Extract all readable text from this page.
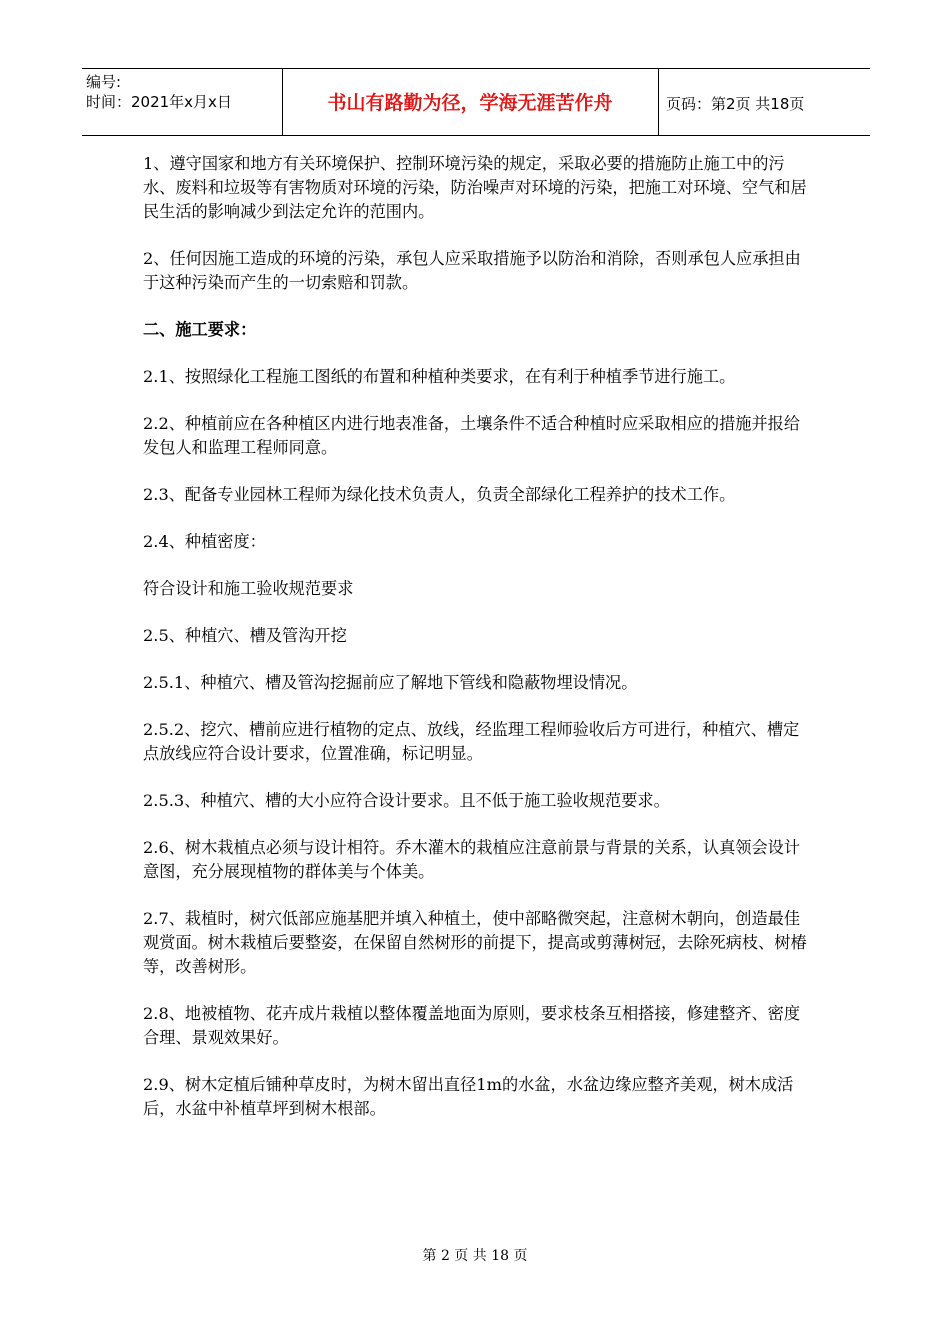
编号:
时间：2021年x月x日	书山有路勤为径，学海无涯苦作舟	页码：第2页 共18页

1、遵守国家和地方有关环境保护、控制环境污染的规定，采取必要的措施防止施工中的污水、废料和垃圾等有害物质对环境的污染，防治噪声对环境的污染，把施工对环境、空气和居民生活的影响减少到法定允许的范围内。

2、任何因施工造成的环境的污染，承包人应采取措施予以防治和消除，否则承包人应承担由于这种污染而产生的一切索赔和罚款。

二、施工要求：

2.1、按照绿化工程施工图纸的布置和种植种类要求，在有利于种植季节进行施工。

2.2、种植前应在各种植区内进行地表准备，土壤条件不适合种植时应采取相应的措施并报给发包人和监理工程师同意。

2.3、配备专业园林工程师为绿化技术负责人，负责全部绿化工程养护的技术工作。

2.4、种植密度：

符合设计和施工验收规范要求

2.5、种植穴、槽及管沟开挖

2.5.1、种植穴、槽及管沟挖掘前应了解地下管线和隐蔽物埋设情况。

2.5.2、挖穴、槽前应进行植物的定点、放线，经监理工程师验收后方可进行，种植穴、槽定点放线应符合设计要求，位置准确，标记明显。

2.5.3、种植穴、槽的大小应符合设计要求。且不低于施工验收规范要求。

2.6、树木栽植点必须与设计相符。乔木灌木的栽植应注意前景与背景的关系，认真领会设计意图，充分展现植物的群体美与个体美。

2.7、栽植时，树穴低部应施基肥并填入种植土，使中部略微突起，注意树木朝向，创造最佳观赏面。树木栽植后要整姿，在保留自然树形的前提下，提高或剪薄树冠，去除死病枝、树椿等，改善树形。

2.8、地被植物、花卉成片栽植以整体覆盖地面为原则，要求枝条互相搭接，修建整齐、密度合理、景观效果好。

2.9、树木定植后铺种草皮时，为树木留出直径1m的水盆，水盆边缘应整齐美观，树木成活后，水盆中补植草坪到树木根部。

第 2 页 共 18 页
